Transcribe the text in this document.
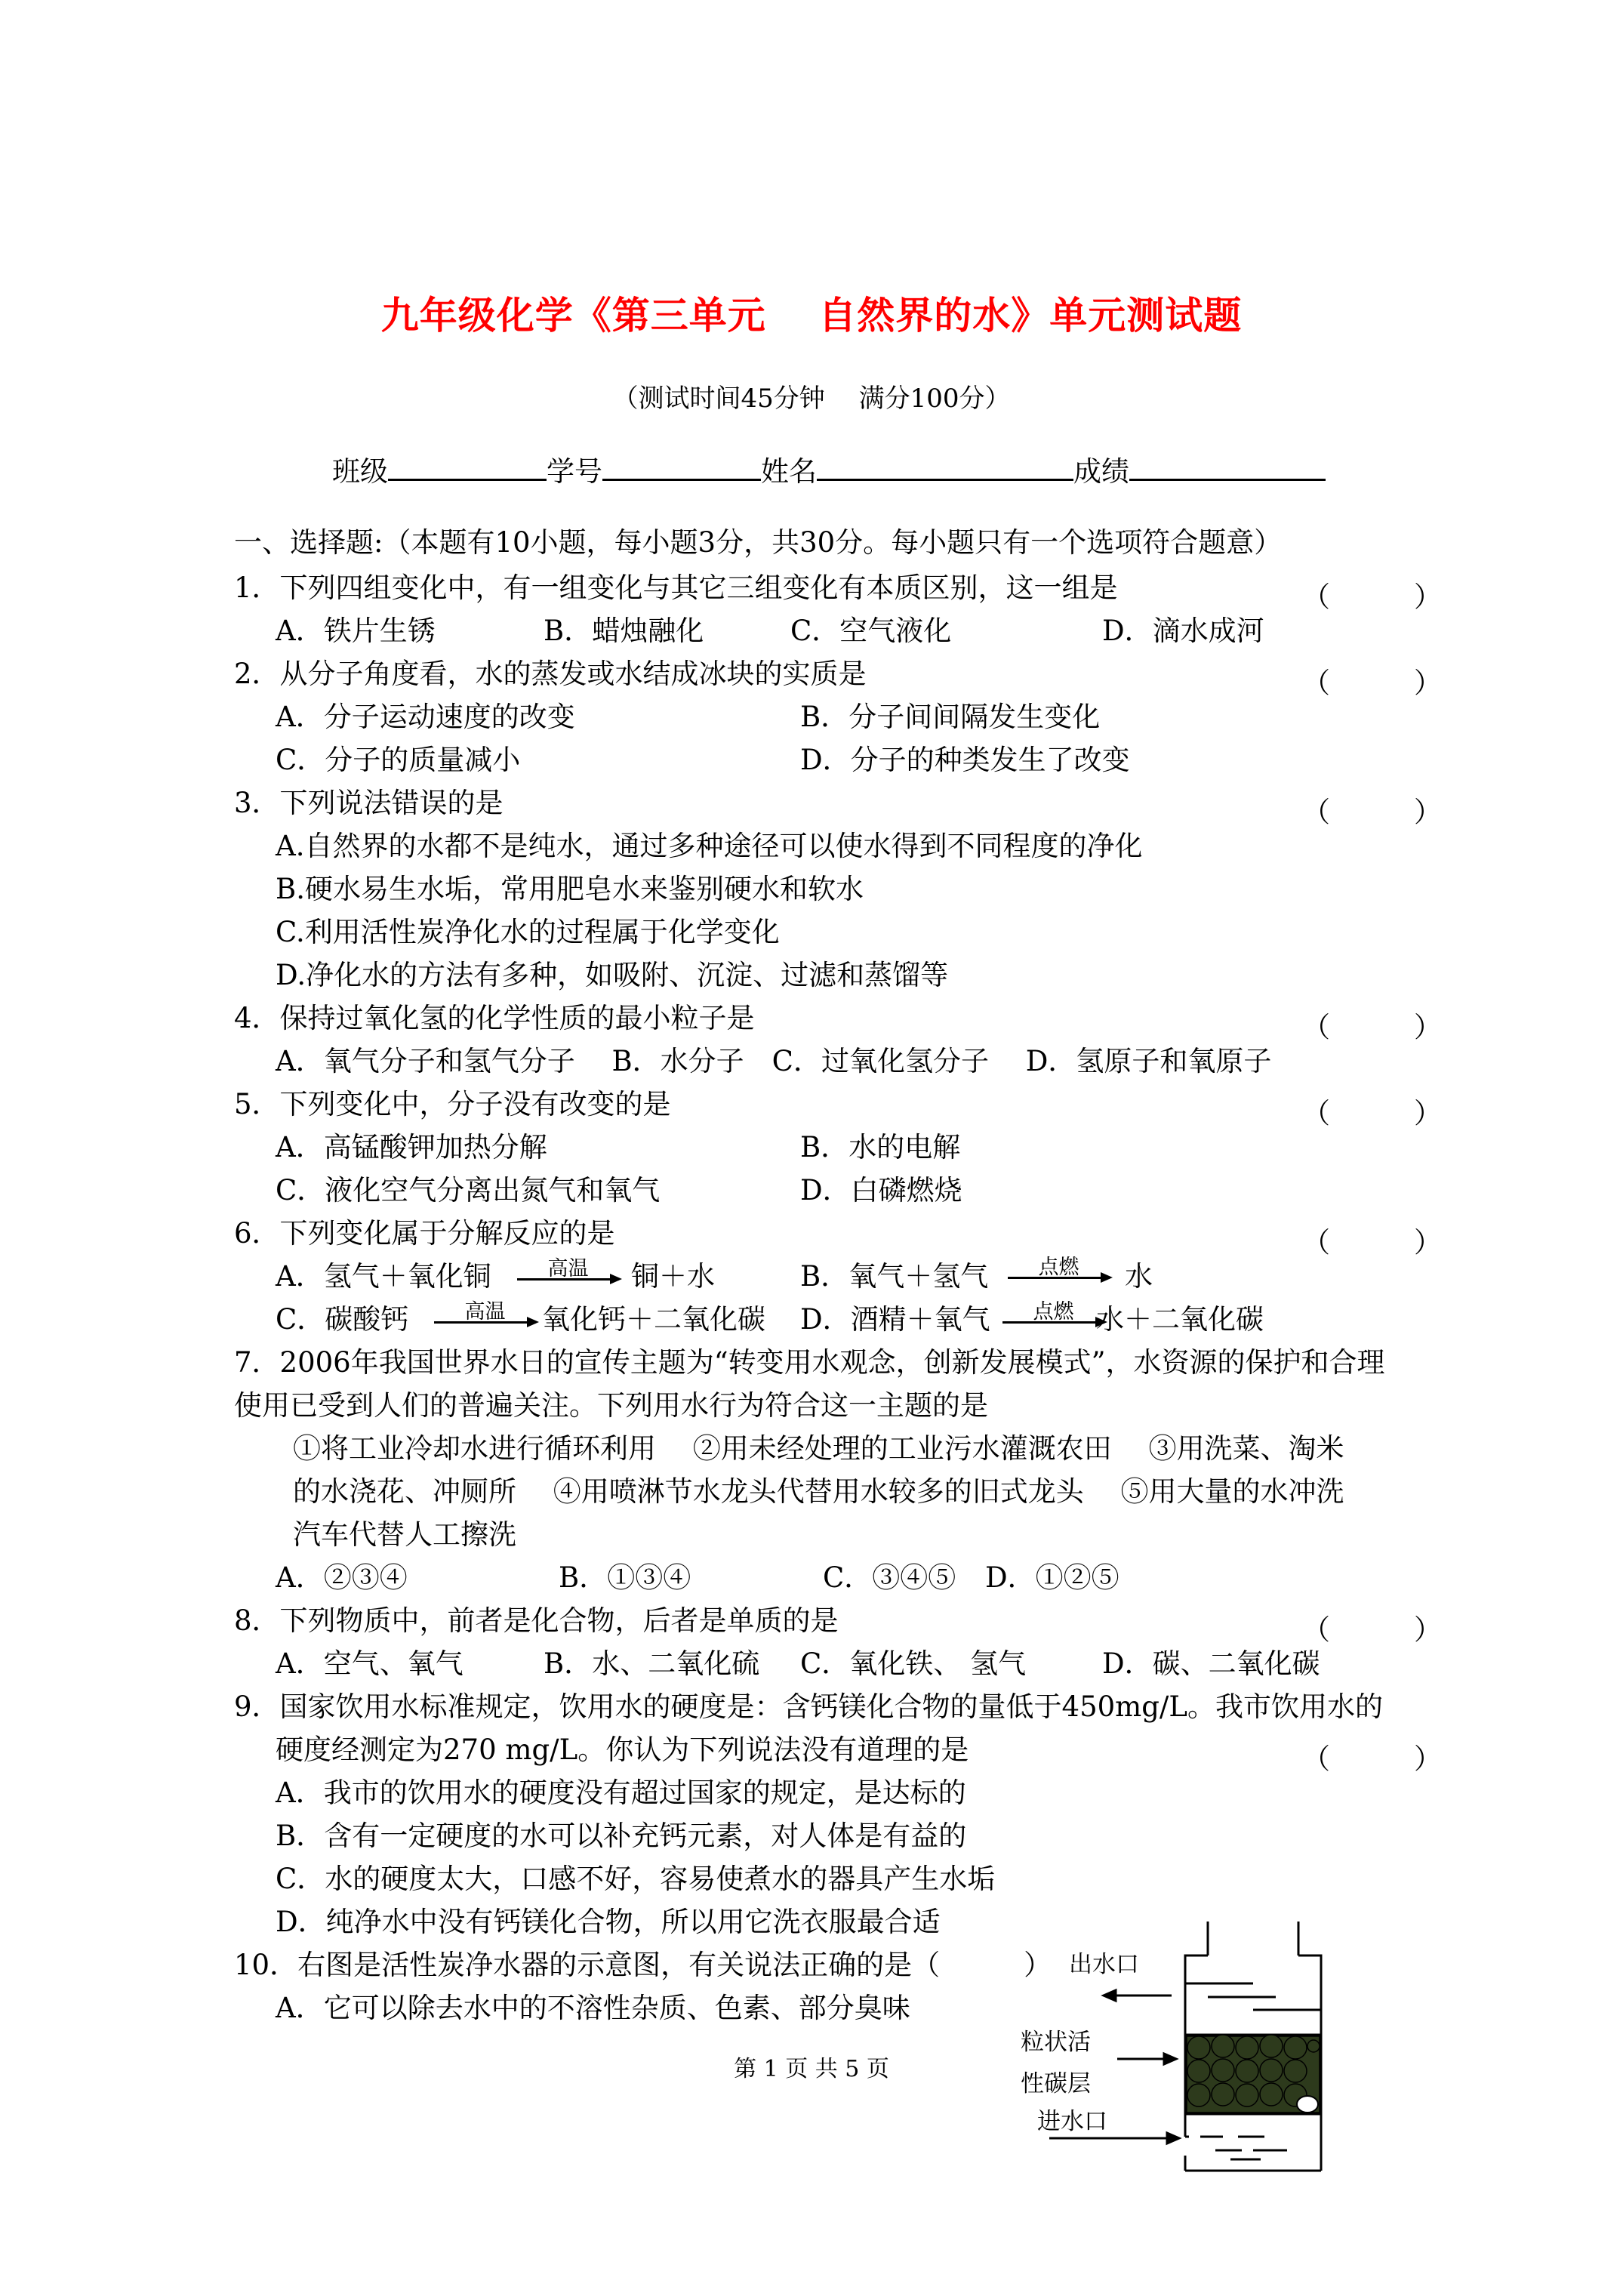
九年级化学《第三单元　 自然界的水》单元测试题
（测试时间45分钟　 满分100分）
班级	学号	姓名	成绩
一、选择题:（本题有10小题，每小题3分，共30分。每小题只有一个选项符合题意）
1．下列四组变化中，有一组变化与其它三组变化有本质区别，这一组是	（　　　）
A．铁片生锈	B．蜡烛融化	C．空气液化	D．滴水成河
2．从分子角度看，水的蒸发或水结成冰块的实质是	（　　　）
A．分子运动速度的改变	B．分子间间隔发生变化
C．分子的质量减小	D．分子的种类发生了改变
3．下列说法错误的是	（　　　）
A.自然界的水都不是纯水，通过多种途径可以使水得到不同程度的净化
B.硬水易生水垢，常用肥皂水来鉴别硬水和软水
C.利用活性炭净化水的过程属于化学变化
D.净化水的方法有多种，如吸附、沉淀、过滤和蒸馏等
4．保持过氧化氢的化学性质的最小粒子是	（　　　）
A．氧气分子和氢气分子　 B．水分子　C．过氧化氢分子　 D．氢原子和氧原子
5．下列变化中，分子没有改变的是	（　　　）
A．高锰酸钾加热分解	B．水的电解
C．液化空气分离出氮气和氧气	D．白磷燃烧
6．下列变化属于分解反应的是	（　　　）
A．氢气＋氧化铜	高温	铜＋水	B．氧气＋氢气	点燃	水
C．碳酸钙	高温	氧化钙＋二氧化碳 D．酒精＋氧气	点燃 水＋二氧化碳
7．2006年我国世界水日的宣传主题为“转变用水观念，创新发展模式”，水资源的保护和合理
使用已受到人们的普遍关注。下列用水行为符合这一主题的是
①将工业冷却水进行循环利用　 ②用未经处理的工业污水灌溉农田　 ③用洗菜、淘米
的水浇花、冲厕所　 ④用喷淋节水龙头代替用水较多的旧式龙头　 ⑤用大量的水冲洗
汽车代替人工擦洗
A．②③④	B．①③④	C．③④⑤ D．①②⑤
8．下列物质中，前者是化合物，后者是单质的是	（　　　）
A．空气、氧气	B．水、二氧化硫 C．氧化铁、 氢气	D．碳、二氧化碳
9．国家饮用水标准规定，饮用水的硬度是：含钙镁化合物的量低于450mg/L。我市饮用水的
硬度经测定为270 mg/L。你认为下列说法没有道理的是	（　　　）
A．我市的饮用水的硬度没有超过国家的规定，是达标的
B．含有一定硬度的水可以补充钙元素，对人体是有益的
C．水的硬度太大，口感不好，容易使煮水的器具产生水垢
D．纯净水中没有钙镁化合物，所以用它洗衣服最合适
10．右图是活性炭净水器的示意图，有关说法正确的是（　　　）
A．它可以除去水中的不溶性杂质、色素、部分臭味
出水口
粒状活
性碳层
进水口
第 1 页 共 5 页
